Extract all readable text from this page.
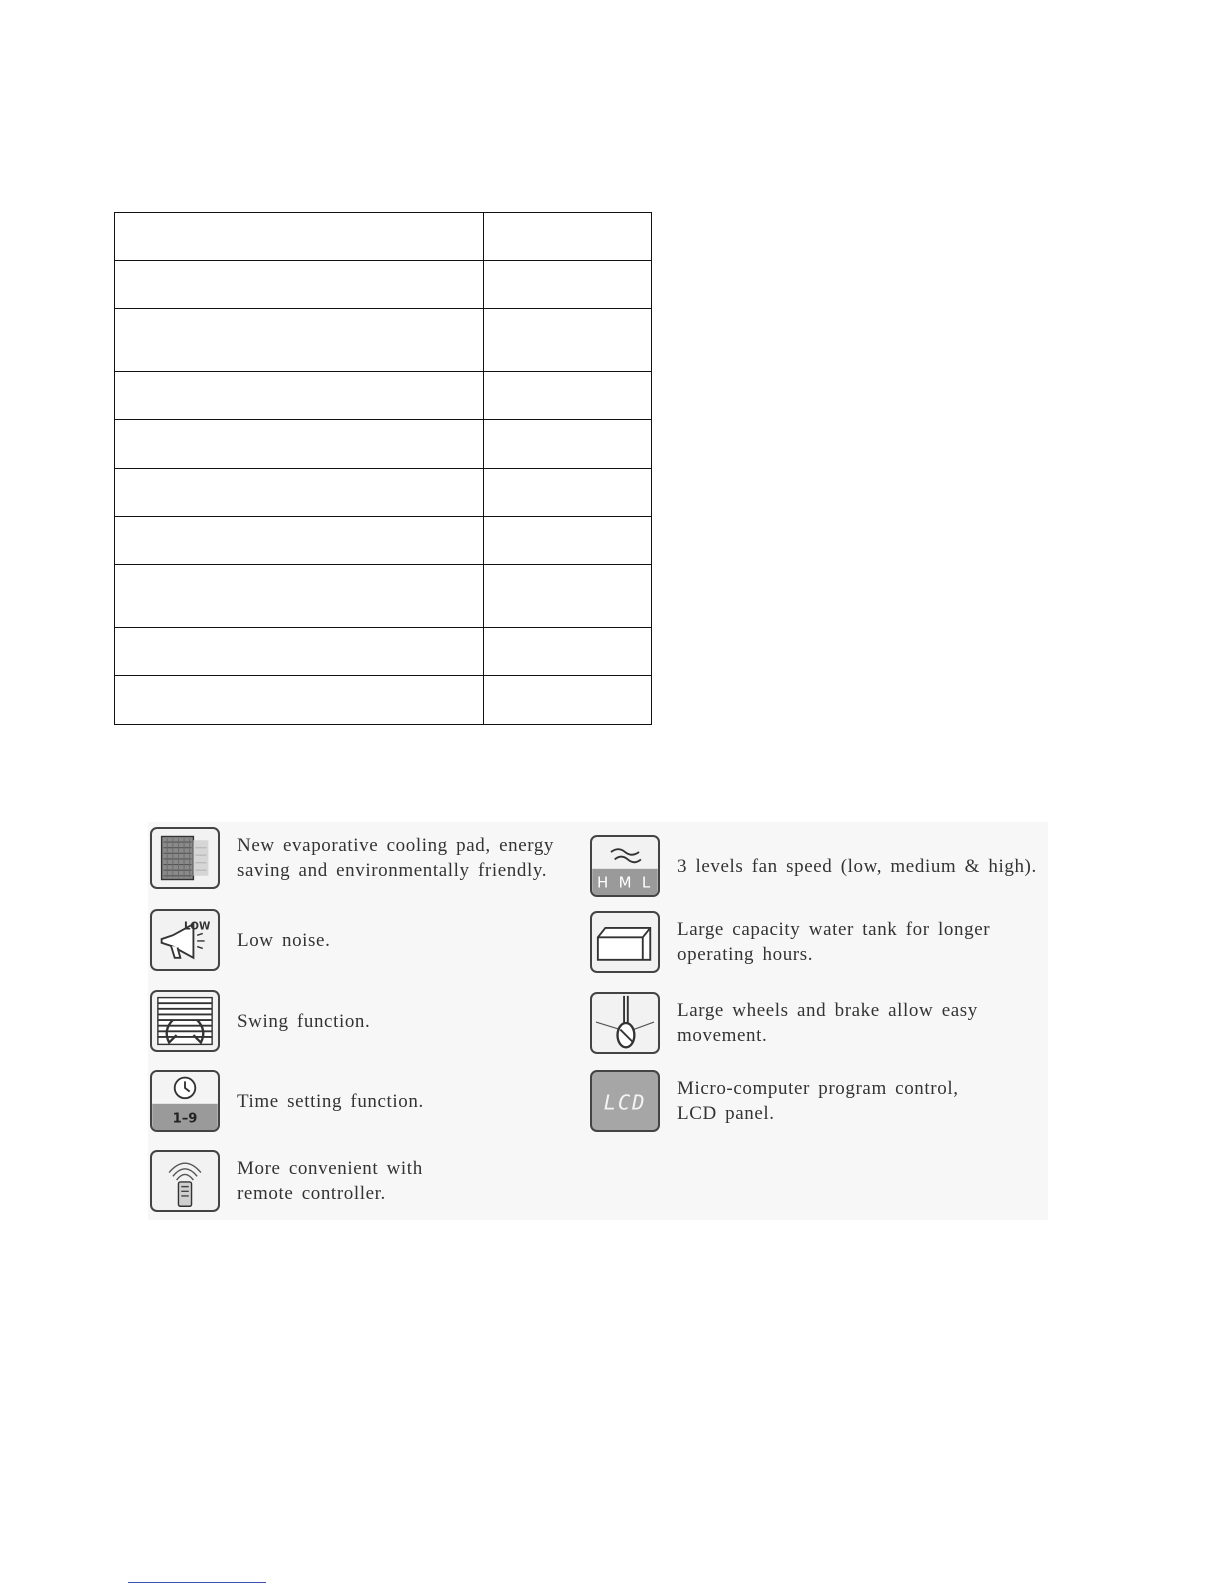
New evaporative cooling pad, energy
saving and environmentally friendly.
LOW
Low noise.
Swing function.
1–9
Time setting function.
More convenient with
remote controller.
H M L
3 levels fan speed (low, medium & high).
Large capacity water tank for longer
operating hours.
Large wheels and brake allow easy
movement.
LCD
Micro-computer program control,
LCD panel.
